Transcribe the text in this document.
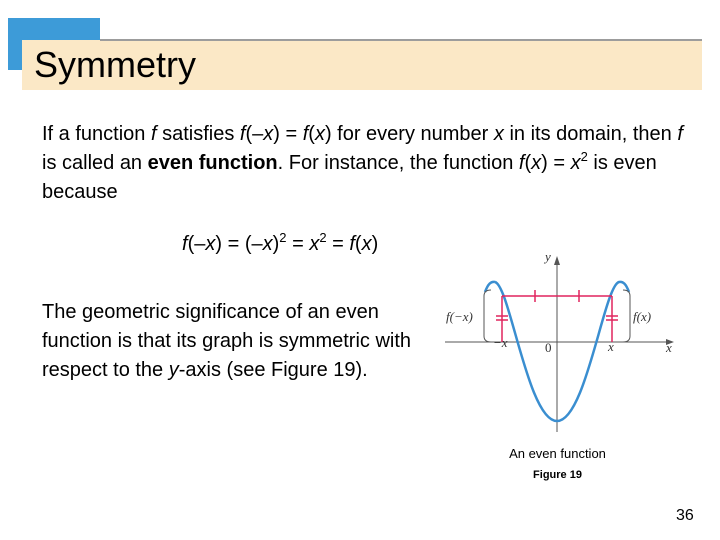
Symmetry

If a function f satisfies f(–x) = f(x) for every number x in its domain, then f is called an even function. For instance, the function $f(x) = x^2$ is even because

$f(-x) = (-x)^2 = x^2 = f(x)$

The geometric significance of an even function is that its graph is symmetric with respect to the y-axis (see Figure 19).

f(−x)	f(x)
−x	x
0
y
x
An even function
Figure 19
36
